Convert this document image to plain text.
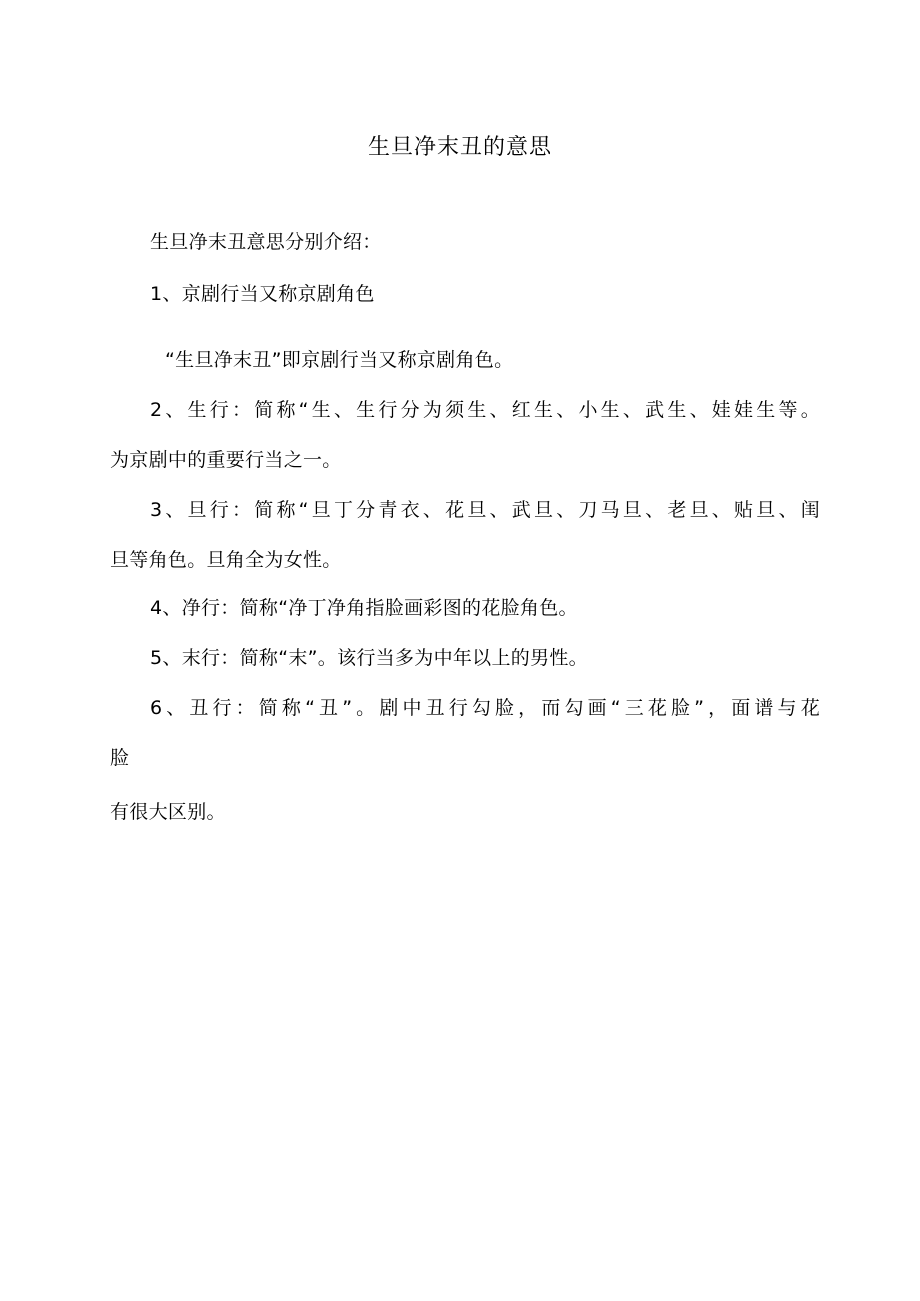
生旦净末丑的意思
生旦净末丑意思分别介绍：
1、京剧行当又称京剧角色
“生旦净末丑”即京剧行当又称京剧角色。
2、生行：简称“生、生行分为须生、红生、小生、武生、娃娃生等。
为京剧中的重要行当之一。
3、旦行：简称“旦丁分青衣、花旦、武旦、刀马旦、老旦、贴旦、闺
旦等角色。旦角全为女性。
4、净行：简称“净丁净角指脸画彩图的花脸角色。
5、末行：简称“末”。该行当多为中年以上的男性。
6、丑行：简称“丑”。剧中丑行勾脸，而勾画“三花脸”，面谱与花
脸
有很大区别。
